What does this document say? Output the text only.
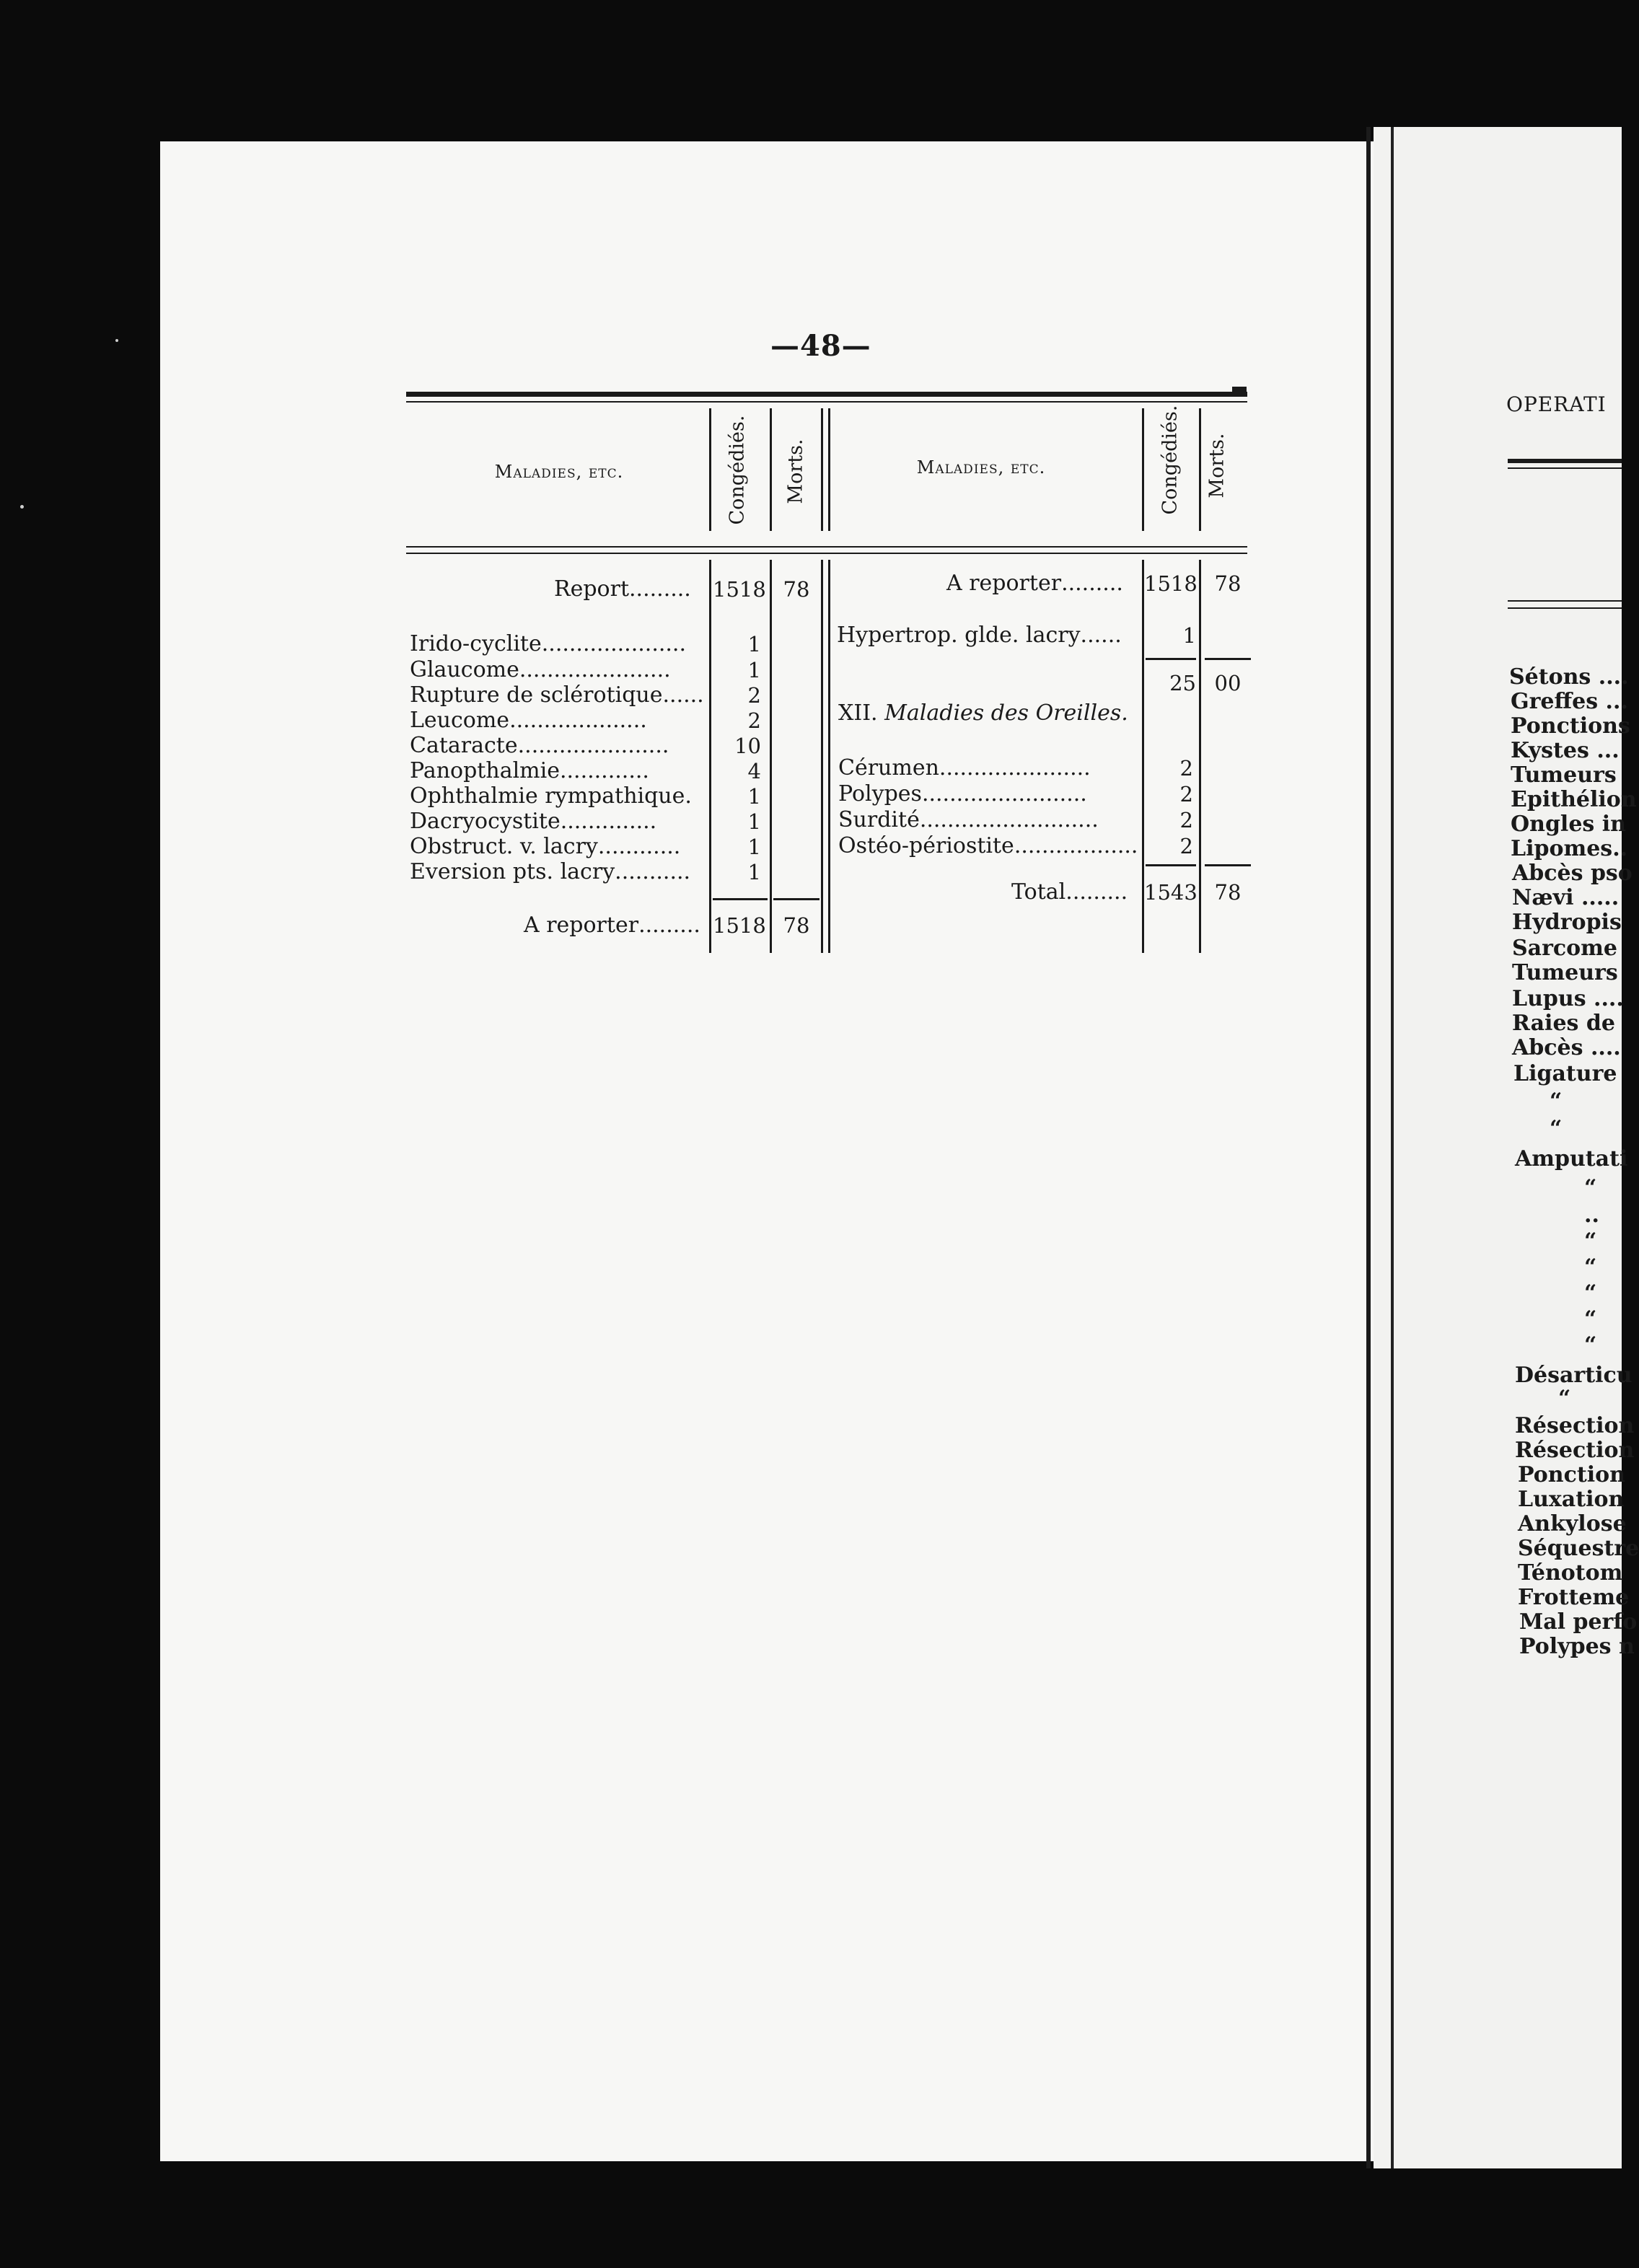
—48—
Maladies, etc.	Congédiés. Morts.	Maladies, etc.	Congédiés. Morts.
Report......... 1518 78
Irido-cyclite.....................	1
Glaucome......................	1
Rupture de sclérotique......	2
Leucome....................	2
Cataracte......................	10
Panopthalmie.............	4
Ophthalmie rympathique.	1
Dacryocystite..............	1
Obstruct. v. lacry............	1
Eversion pts. lacry...........	1
A reporter......... 1518 78
A reporter......... 1518 78
Hypertrop. glde. lacry......	1
25 00
XII. Maladies des Oreilles.
Cérumen......................	2
Polypes........................	2
Surdité..........................	2
Ostéo-périostite..................	2
Total......... 1543 78
OPERATI
Sétons ....
Greffes ...
Ponctions
Kystes ...
Tumeurs
Epithélion
Ongles in
Lipomes..
Abcès pso
Nævi .....
Hydropis
Sarcome
Tumeurs
Lupus ....
Raies de
Abcès ....
Ligature
“
“
Amputati
“
..
“
“
“
“
“
Désarticu
“
Résection
Résection
Ponction
Luxation
Ankylose
Séquestre
Ténotom
Frotteme
Mal perfo
Polypes n
